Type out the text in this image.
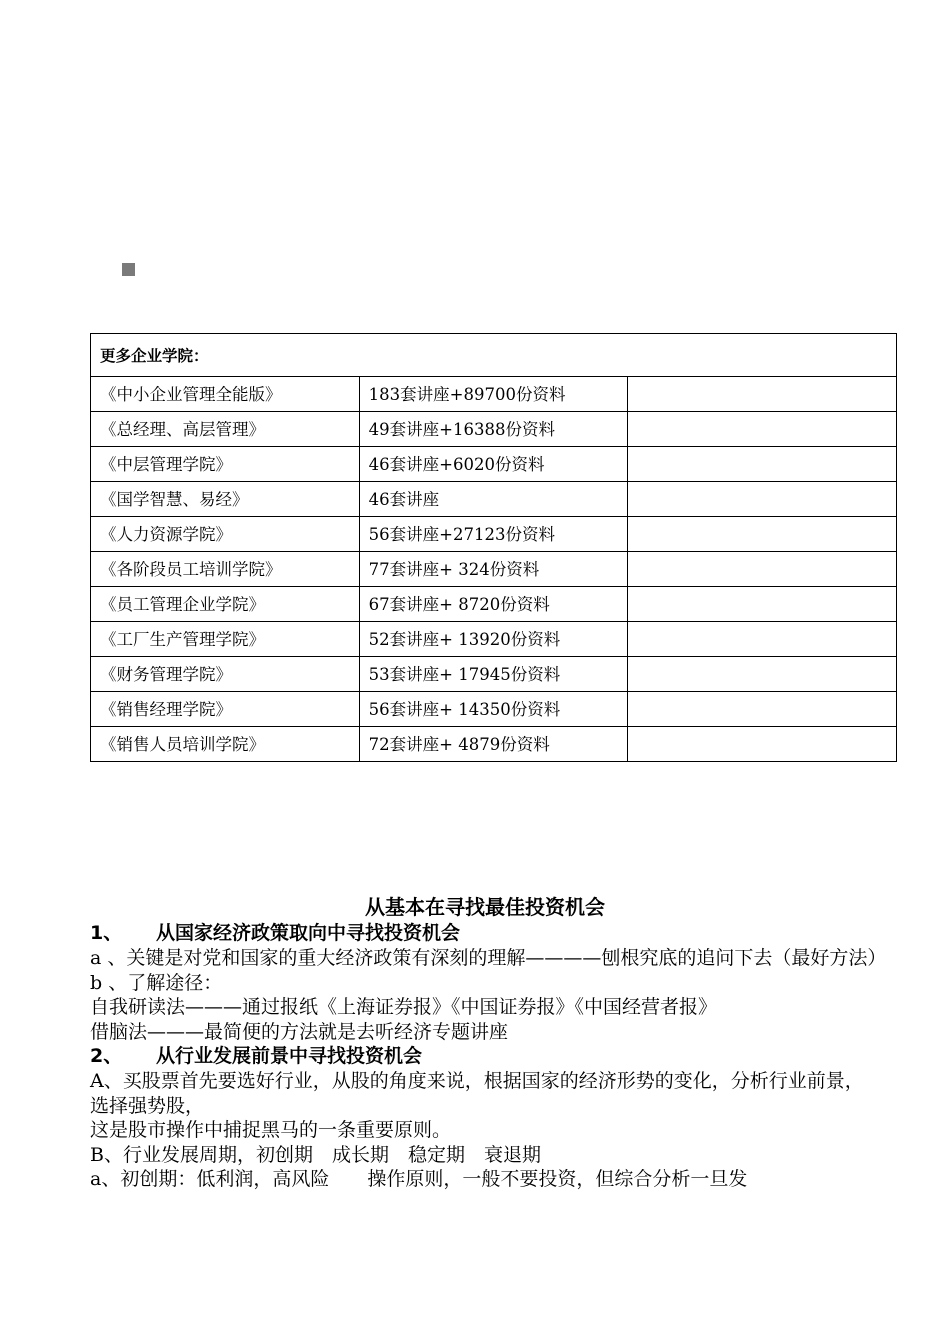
更多企业学院：		
《中小企业管理全能版》	183套讲座+89700份资料	
《总经理、高层管理》	49套讲座+16388份资料	
《中层管理学院》	46套讲座+6020份资料	
《国学智慧、易经》	46套讲座	
《人力资源学院》	56套讲座+27123份资料	
《各阶段员工培训学院》	77套讲座+ 324份资料	
《员工管理企业学院》	67套讲座+ 8720份资料	
《工厂生产管理学院》	52套讲座+ 13920份资料	
《财务管理学院》	53套讲座+ 17945份资料	
《销售经理学院》	56套讲座+ 14350份资料	
《销售人员培训学院》	72套讲座+ 4879份资料	
从基本在寻找最佳投资机会
1、 从国家经济政策取向中寻找投资机会

a 、关键是对党和国家的重大经济政策有深刻的理解————刨根究底的追问下去（最好方法）

b 、了解途径：

自我研读法———通过报纸《上海证券报》《中国证券报》《中国经营者报》

借脑法———最简便的方法就是去听经济专题讲座

2、 从行业发展前景中寻找投资机会

A、买股票首先要选好行业，从股的角度来说，根据国家的经济形势的变化，分析行业前景，选择强势股，

这是股市操作中捕捉黑马的一条重要原则。

B、行业发展周期，初创期　成长期　稳定期　衰退期

a、初创期：低利润，高风险　　操作原则，一般不要投资，但综合分析一旦发
